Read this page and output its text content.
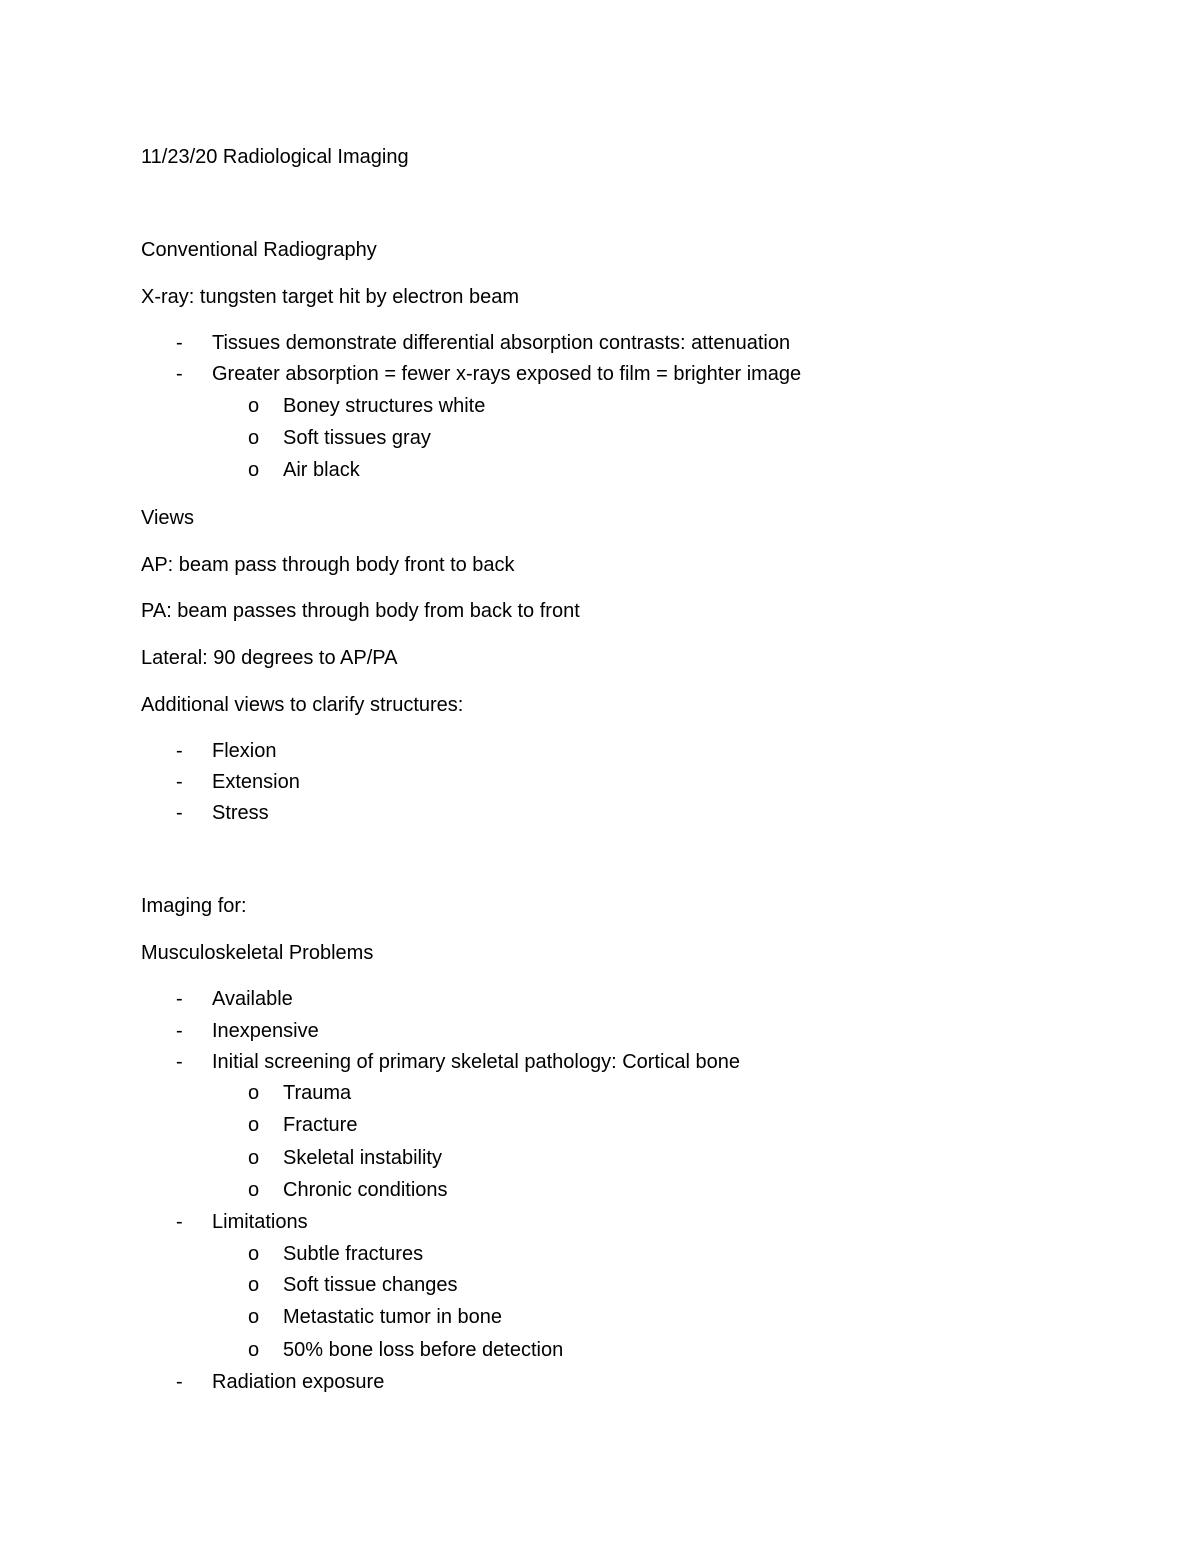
11/23/20 Radiological Imaging
Conventional Radiography
X-ray: tungsten target hit by electron beam
- Tissues demonstrate differential absorption contrasts: attenuation
- Greater absorption = fewer x-rays exposed to film = brighter image
o Boney structures white
o Soft tissues gray
o Air black
Views
AP: beam pass through body front to back
PA: beam passes through body from back to front
Lateral: 90 degrees to AP/PA
Additional views to clarify structures:
- Flexion
- Extension
- Stress
Imaging for:
Musculoskeletal Problems
- Available
- Inexpensive
- Initial screening of primary skeletal pathology: Cortical bone
o Trauma
o Fracture
o Skeletal instability
o Chronic conditions
- Limitations
o Subtle fractures
o Soft tissue changes
o Metastatic tumor in bone
o 50% bone loss before detection
- Radiation exposure
